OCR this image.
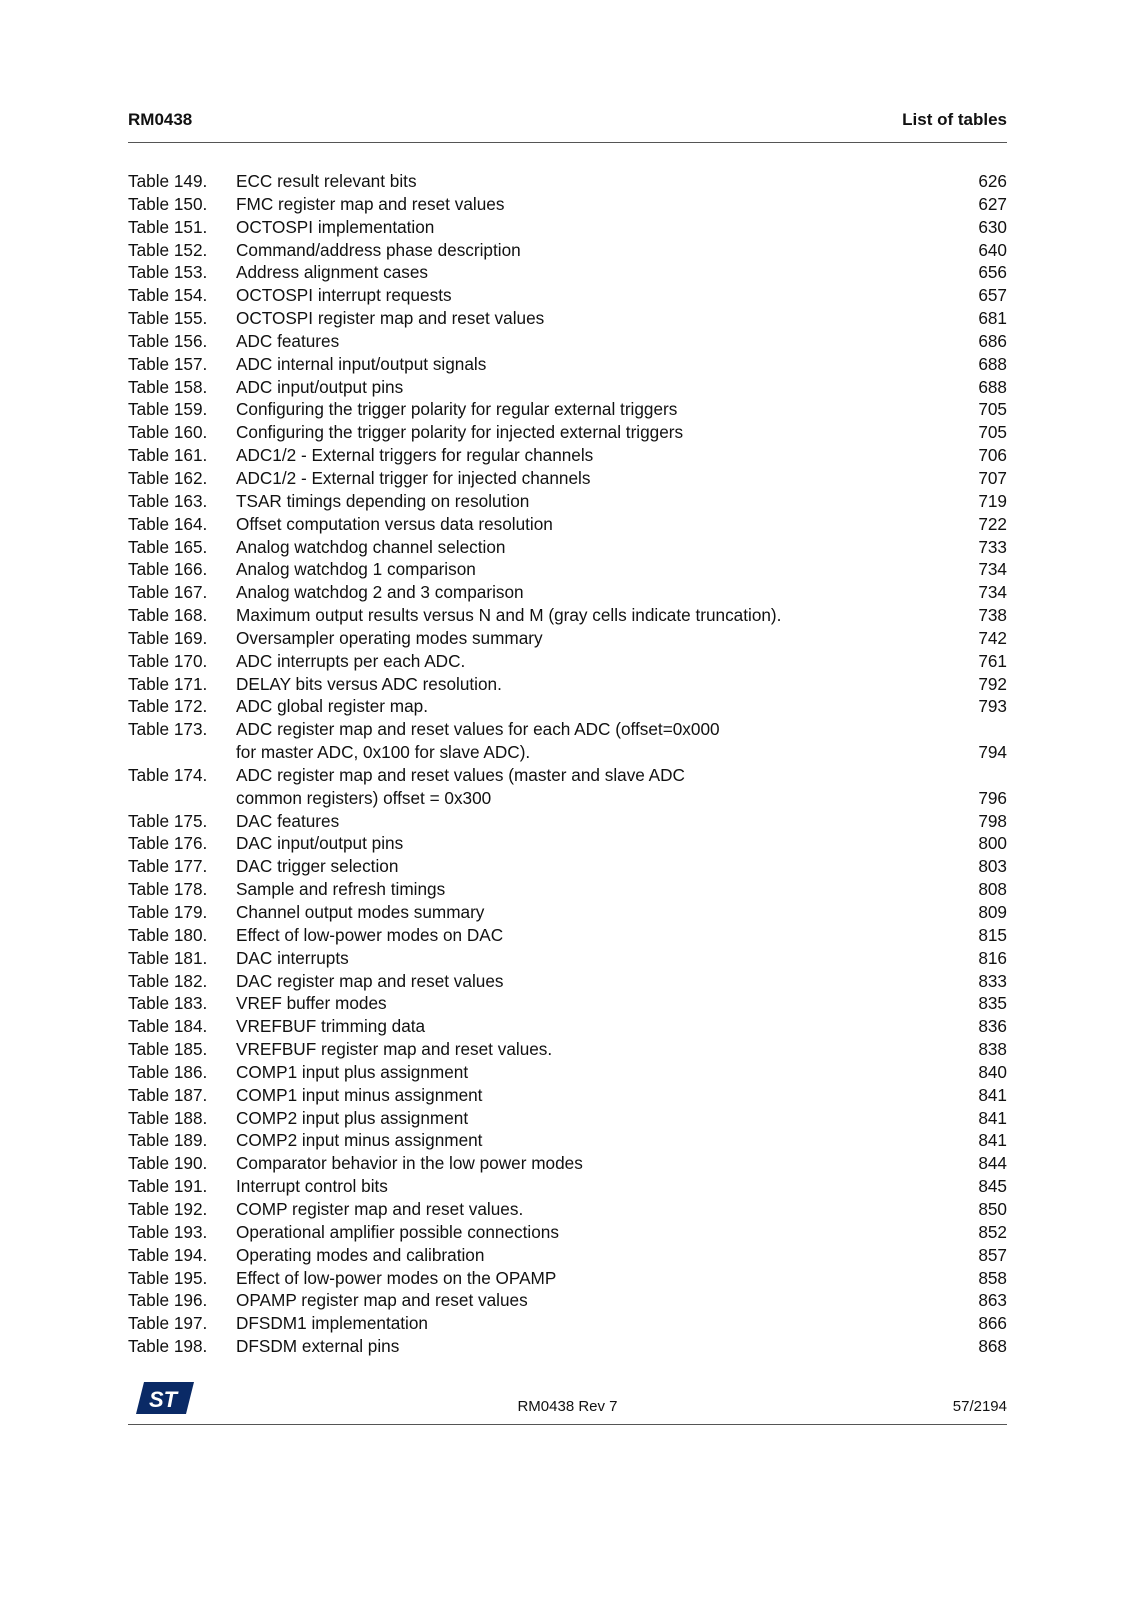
RM0438	List of tables
Table 149.	ECC result relevant bits	626
Table 150.	FMC register map and reset values	627
Table 151.	OCTOSPI implementation	630
Table 152.	Command/address phase description	640
Table 153.	Address alignment cases	656
Table 154.	OCTOSPI interrupt requests	657
Table 155.	OCTOSPI register map and reset values	681
Table 156.	ADC features	686
Table 157.	ADC internal input/output signals	688
Table 158.	ADC input/output pins	688
Table 159.	Configuring the trigger polarity for regular external triggers	705
Table 160.	Configuring the trigger polarity for injected external triggers	705
Table 161.	ADC1/2 - External triggers for regular channels	706
Table 162.	ADC1/2 - External trigger for injected channels	707
Table 163.	TSAR timings depending on resolution	719
Table 164.	Offset computation versus data resolution	722
Table 165.	Analog watchdog channel selection	733
Table 166.	Analog watchdog 1 comparison	734
Table 167.	Analog watchdog 2 and 3 comparison	734
Table 168.	Maximum output results versus N and M (gray cells indicate truncation).	738
Table 169.	Oversampler operating modes summary	742
Table 170.	ADC interrupts per each ADC.	761
Table 171.	DELAY bits versus ADC resolution.	792
Table 172.	ADC global register map.	793
Table 173.	ADC register map and reset values for each ADC (offset=0x000
for master ADC, 0x100 for slave ADC).	794
Table 174.	ADC register map and reset values (master and slave ADC
common registers) offset = 0x300	796
Table 175.	DAC features	798
Table 176.	DAC input/output pins	800
Table 177.	DAC trigger selection	803
Table 178.	Sample and refresh timings	808
Table 179.	Channel output modes summary	809
Table 180.	Effect of low-power modes on DAC	815
Table 181.	DAC interrupts	816
Table 182.	DAC register map and reset values	833
Table 183.	VREF buffer modes	835
Table 184.	VREFBUF trimming data	836
Table 185.	VREFBUF register map and reset values.	838
Table 186.	COMP1 input plus assignment	840
Table 187.	COMP1 input minus assignment	841
Table 188.	COMP2 input plus assignment	841
Table 189.	COMP2 input minus assignment	841
Table 190.	Comparator behavior in the low power modes	844
Table 191.	Interrupt control bits	845
Table 192.	COMP register map and reset values.	850
Table 193.	Operational amplifier possible connections	852
Table 194.	Operating modes and calibration	857
Table 195.	Effect of low-power modes on the OPAMP	858
Table 196.	OPAMP register map and reset values	863
Table 197.	DFSDM1 implementation	866
Table 198.	DFSDM external pins	868
ST	RM0438 Rev 7	57/2194
